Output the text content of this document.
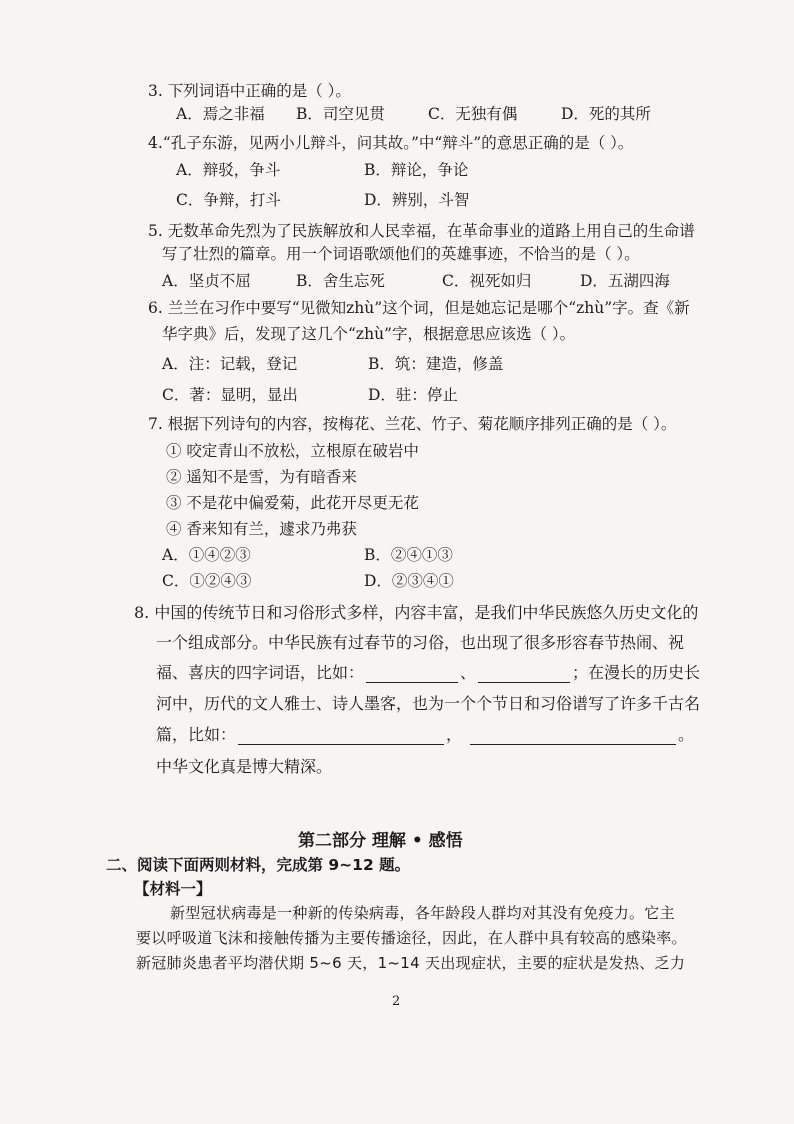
3. 下列词语中正确的是（ ）。
A．焉之非福 B．司空见贯	C．无独有偶	D．死的其所
4.“孔子东游，见两小儿辩斗，问其故。”中“辩斗”的意思正确的是（ ）。
A．辩驳，争斗	B．辩论，争论
C．争辩，打斗	D．辨别，斗智
5. 无数革命先烈为了民族解放和人民幸福，在革命事业的道路上用自己的生命谱
写了壮烈的篇章。用一个词语歌颂他们的英雄事迹，不恰当的是（ ）。
A．坚贞不屈	B．舍生忘死	C．视死如归	D．五湖四海
6. 兰兰在习作中要写“见微知zhù”这个词，但是她忘记是哪个“zhù”字。查《新
华字典》后，发现了这几个“zhù”字，根据意思应该选（ ）。
A．注：记载，登记	B．筑：建造，修盖
C．著：显明，显出	D．驻：停止
7. 根据下列诗句的内容，按梅花、兰花、竹子、菊花顺序排列正确的是（ ）。
① 咬定青山不放松，立根原在破岩中
② 遥知不是雪，为有暗香来
③ 不是花中偏爱菊，此花开尽更无花
④ 香来知有兰，遽求乃弗获
A．①④②③	B．②④①③
C．①②④③	D．②③④①
8. 中国的传统节日和习俗形式多样，内容丰富，是我们中华民族悠久历史文化的
一个组成部分。中华民族有过春节的习俗，也出现了很多形容春节热闹、祝
福、喜庆的四字词语，比如：	、	；在漫长的历史长
河中，历代的文人雅士、诗人墨客，也为一个个节日和习俗谱写了许多千古名
篇，比如：	，	。
中华文化真是博大精深。
第二部分 理解 • 感悟
二、阅读下面两则材料，完成第 9~12 题。
【材料一】
新型冠状病毒是一种新的传染病毒，各年龄段人群均对其没有免疫力。它主
要以呼吸道飞沫和接触传播为主要传播途径，因此，在人群中具有较高的感染率。
新冠肺炎患者平均潜伏期 5~6 天，1~14 天出现症状，主要的症状是发热、乏力
2
